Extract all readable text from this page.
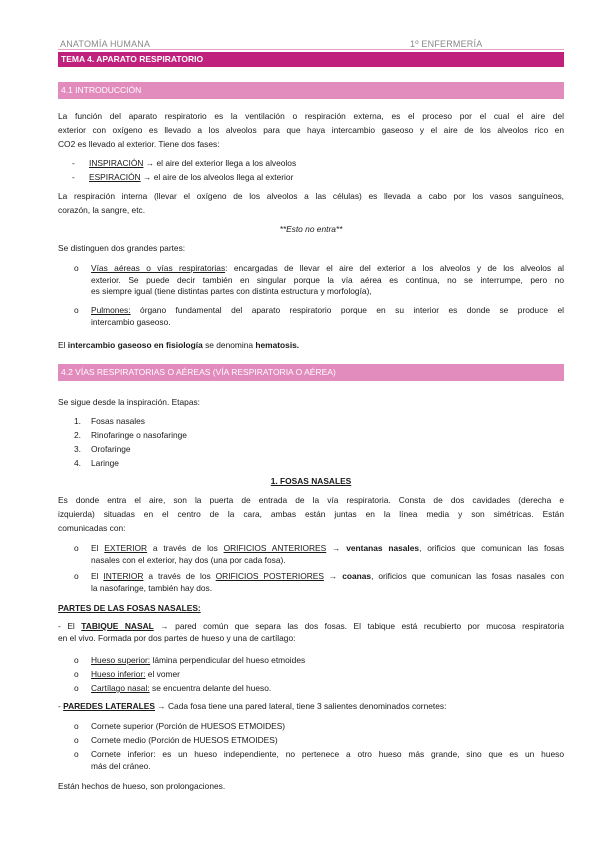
ANATOMÍA HUMANA	1º ENFERMERÍA
TEMA 4. APARATO RESPIRATORIO
4.1 INTRODUCCIÓN
La función del aparato respiratorio es la ventilación o respiración externa, es el proceso por el cual el aire del
exterior con oxígeno es llevado a los alveolos para que haya intercambio gaseoso y el aire de los alveolos rico en
CO2 es llevado al exterior. Tiene dos fases:
- INSPIRACIÓN → el aire del exterior llega a los alveolos
- ESPIRACIÓN → el aire de los alveolos llega al exterior
La respiración interna (llevar el oxígeno de los alveolos a las células) es llevada a cabo por los vasos sanguíneos,
corazón, la sangre, etc.
**Esto no entra**
Se distinguen dos grandes partes:
o Vías aéreas o vías respiratorias: encargadas de llevar el aire del exterior a los alveolos y de los alveolos al
exterior. Se puede decir también en singular porque la vía aérea es continua, no se interrumpe, pero no
es siempre igual (tiene distintas partes con distinta estructura y morfología),
o Pulmones: órgano fundamental del aparato respiratorio porque en su interior es donde se produce el
intercambio gaseoso.
El intercambio gaseoso en fisiología se denomina hematosis.
4.2 VÍAS RESPIRATORIAS O AÉREAS (VÍA RESPIRATORIA O AÉREA)
Se sigue desde la inspiración. Etapas:
1. Fosas nasales
2. Rinofaringe o nasofaringe
3. Orofaringe
4. Laringe
1. FOSAS NASALES
Es donde entra el aire, son la puerta de entrada de la vía respiratoria. Consta de dos cavidades (derecha e
izquierda) situadas en el centro de la cara, ambas están juntas en la línea media y son simétricas. Están
comunicadas con:
o El EXTERIOR a través de los ORIFICIOS ANTERIORES → ventanas nasales, orificios que comunican las fosas
nasales con el exterior, hay dos (una por cada fosa).
o El INTERIOR a través de los ORIFICIOS POSTERIORES → coanas, orificios que comunican las fosas nasales con
la nasofaringe, también hay dos.
PARTES DE LAS FOSAS NASALES:
- El TABIQUE NASAL → pared común que separa las dos fosas. El tabique está recubierto por mucosa respiratoria
en el vivo. Formada por dos partes de hueso y una de cartílago:
o Hueso superior: lámina perpendicular del hueso etmoides
o Hueso inferior: el vomer
o Cartílago nasal: se encuentra delante del hueso.
- PAREDES LATERALES → Cada fosa tiene una pared lateral, tiene 3 salientes denominados cornetes:
o Cornete superior (Porción de HUESOS ETMOIDES)
o Cornete medio (Porción de HUESOS ETMOIDES)
o Cornete inferior: es un hueso independiente, no pertenece a otro hueso más grande, sino que es un hueso
más del cráneo.
Están hechos de hueso, son prolongaciones.
